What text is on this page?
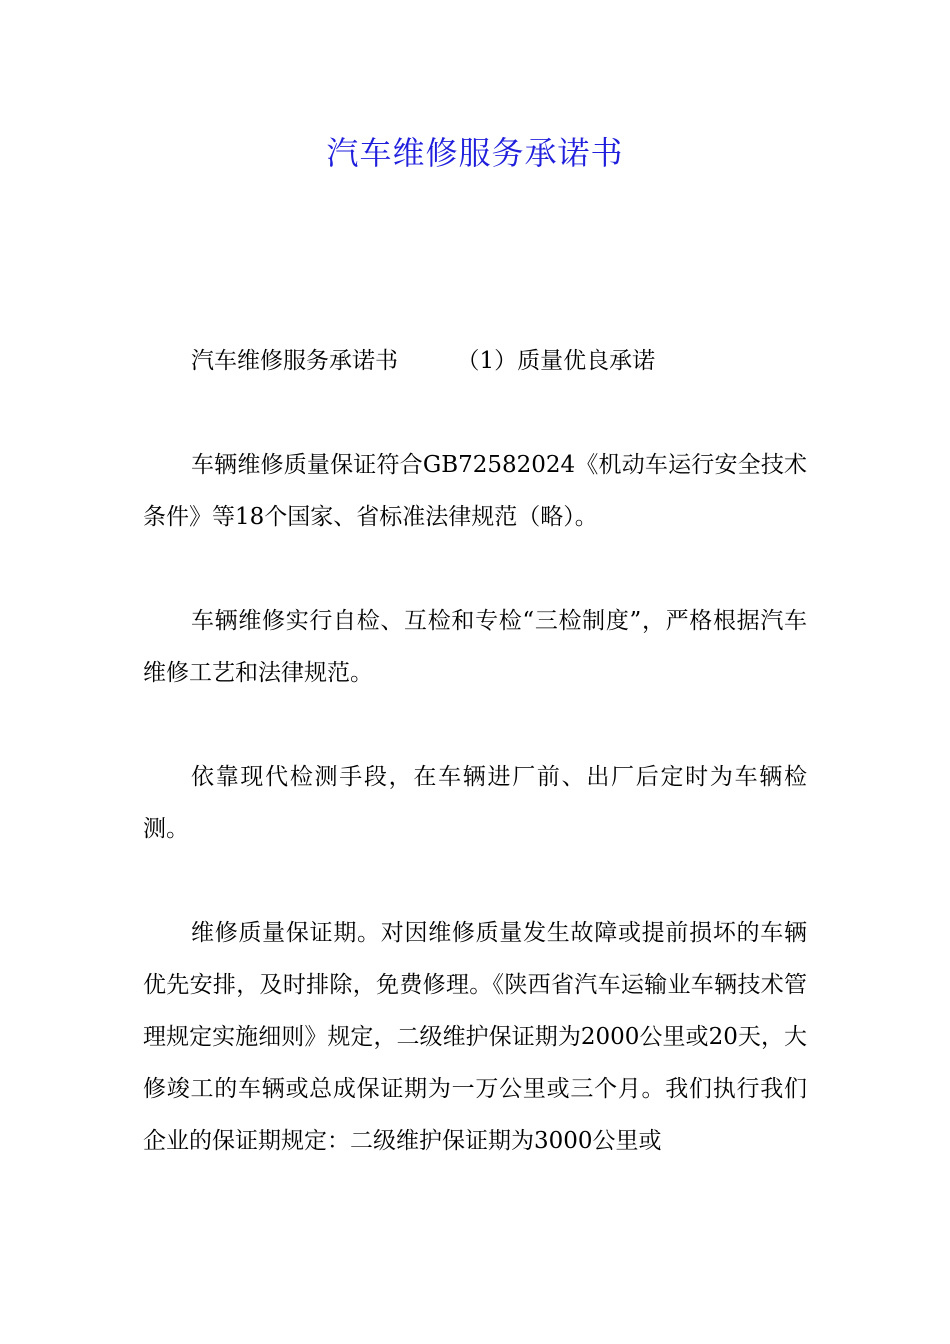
汽车维修服务承诺书

汽车维修服务承诺书        （1）质量优良承诺

车辆维修质量保证符合GB72582024《机动车运行安全技术条件》等18个国家、省标准法律规范（略）。

车辆维修实行自检、互检和专检“三检制度”，严格根据汽车维修工艺和法律规范。

依靠现代检测手段，在车辆进厂前、出厂后定时为车辆检测。

维修质量保证期。对因维修质量发生故障或提前损坏的车辆优先安排，及时排除，免费修理。《陕西省汽车运输业车辆技术管理规定实施细则》规定，二级维护保证期为2000公里或20天，大修竣工的车辆或总成保证期为一万公里或三个月。我们执行我们企业的保证期规定：二级维护保证期为3000公里或
